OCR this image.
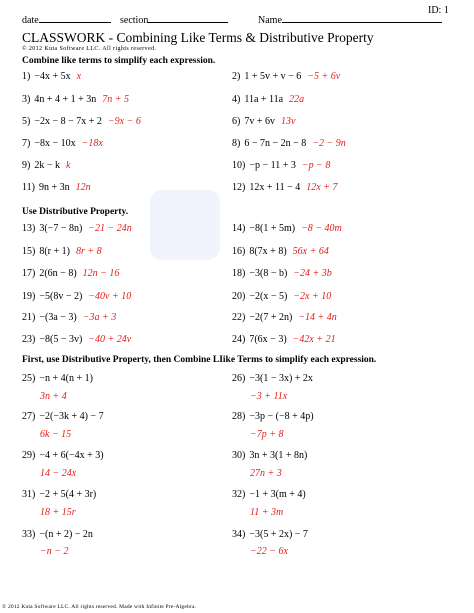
ID: 1
date	section	Name
CLASSWORK - Combining Like Terms & Distributive Property
© 2012 Kuta Software LLC. All rights reserved.
Combine like terms to simplify each expression.
Use Distributive Property.
First, use Distributive Property, then Combine LIike Terms to simplify each expression.
1) −4x + 5x x	2) 1 + 5v + v − 6 −5 + 6v
3) 4n + 4 + 1 + 3n 7n + 5	4) 11a + 11a 22a
5) −2x − 8 − 7x + 2 −9x − 6	6) 7v + 6v 13v
7) −8x − 10x −18x	8) 6 − 7n − 2n − 8 −2 − 9n
9) 2k − k k	10) −p − 11 + 3 −p − 8
11) 9n + 3n 12n	12) 12x + 11 − 4 12x + 7
13) 3(−7 − 8n) −21 − 24n	14) −8(1 + 5m) −8 − 40m
15) 8(r + 1) 8r + 8	16) 8(7x + 8) 56x + 64
17) 2(6n − 8) 12n − 16	18) −3(8 − b) −24 + 3b
19) −5(8v − 2) −40v + 10	20) −2(x − 5) −2x + 10
21) −(3a − 3) −3a + 3	22) −2(7 + 2n) −14 + 4n
23) −8(5 − 3v) −40 + 24v	24) 7(6x − 3) −42x + 21
25) −n + 4(n + 1)
3n + 4
26) −3(1 − 3x) + 2x
−3 + 11x
27) −2(−3k + 4) − 7
6k − 15
28) −3p − (−8 + 4p)
−7p + 8
29) −4 + 6(−4x + 3)
14 − 24x
30) 3n + 3(1 + 8n)
27n + 3
31) −2 + 5(4 + 3r)
18 + 15r
32) −1 + 3(m + 4)
11 + 3m
33) −(n + 2) − 2n
−n − 2
34) −3(5 + 2x) − 7
−22 − 6x
© 2012 Kuta Software LLC. All rights reserved. Made with Infinite Pre-Algebra.
